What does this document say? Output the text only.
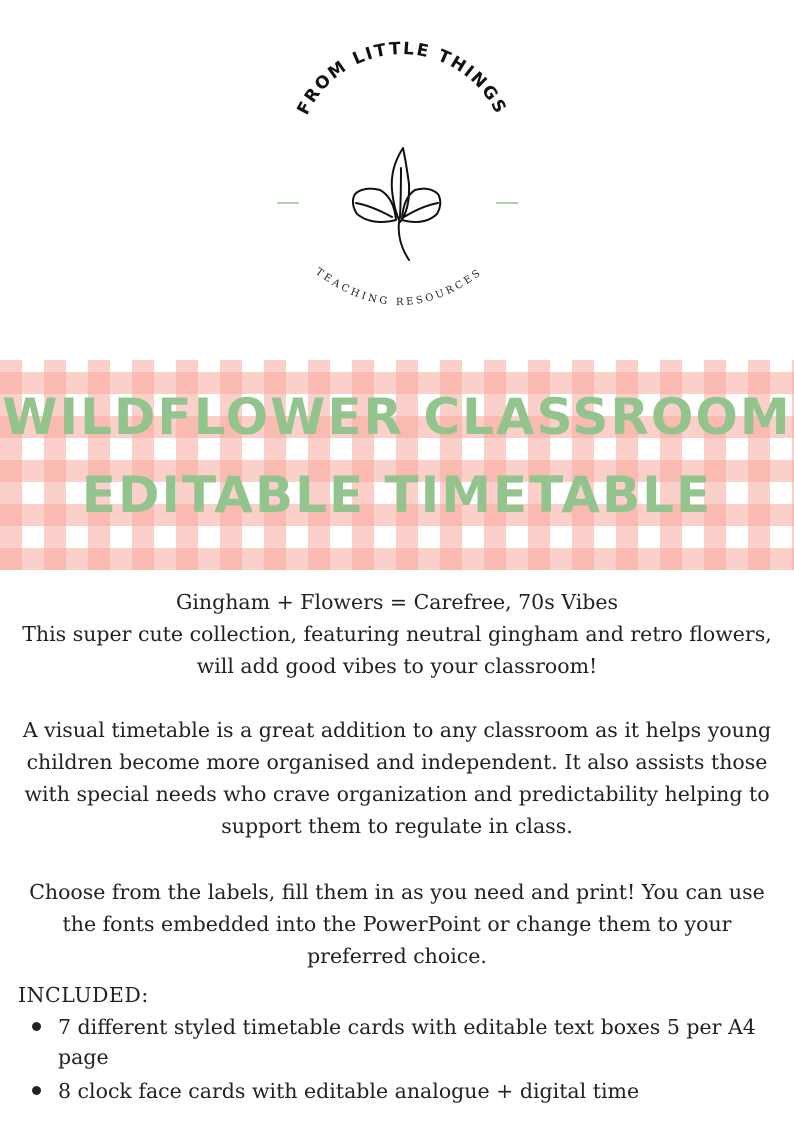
FROM LITTLE THINGS
TEACHING RESOURCES
WILDFLOWER CLASSROOM
EDITABLE TIMETABLE

Gingham + Flowers = Carefree, 70s Vibes

This super cute collection, featuring neutral gingham and retro flowers, will add good vibes to your classroom!

A visual timetable is a great addition to any classroom as it helps young children become more organised and independent. It also assists those with special needs who crave organization and predictability helping to support them to regulate in class.
Choose from the labels, fill them in as you need and print! You can use the fonts embedded into the PowerPoint or change them to your preferred choice.
INCLUDED:
7 different styled timetable cards with editable text boxes 5 per A4 page
8 clock face cards with editable analogue + digital time
